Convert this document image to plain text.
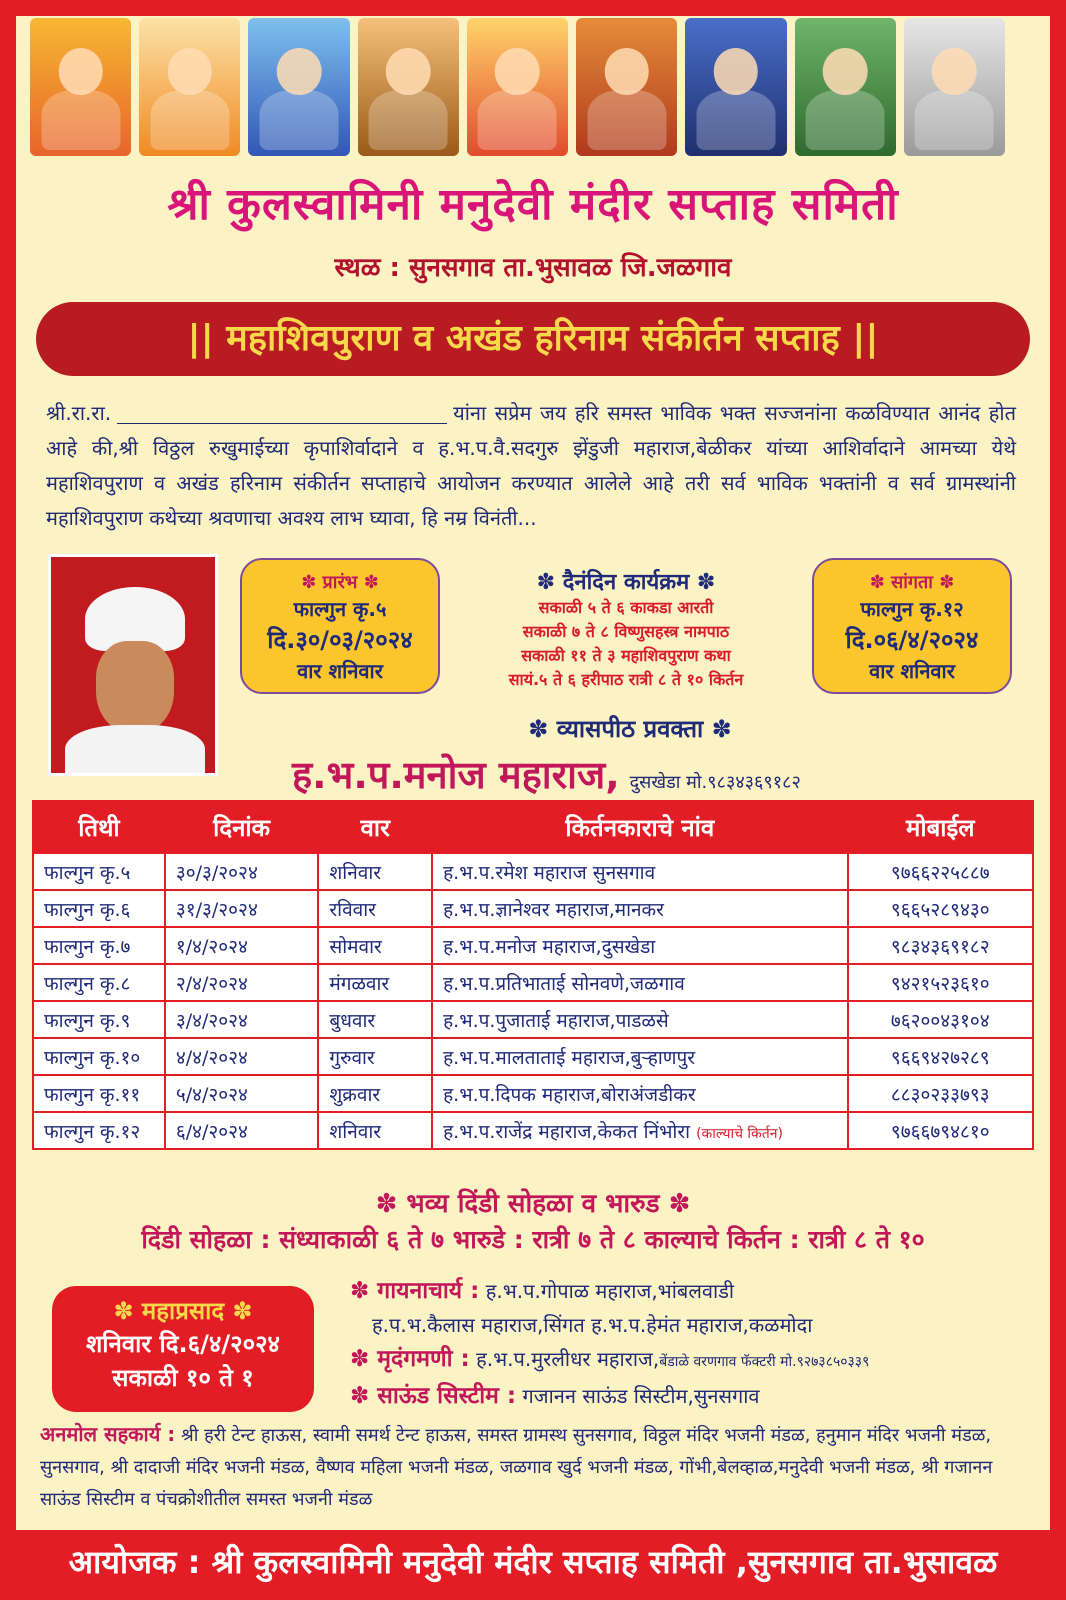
श्री कुलस्वामिनी मनुदेवी मंदीर सप्ताह समिती
स्थळ : सुनसगाव ता.भुसावळ जि.जळगाव
|| महाशिवपुराण व अखंड हरिनाम संकीर्तन सप्ताह ||
श्री.रा.रा.	यांना सप्रेम जय हरि समस्त भाविक भक्त सज्जनांना कळविण्यात आनंद होत आहे की,श्री विठ्ठल रुखुमाईच्या कृपाशिर्वादाने व ह.भ.प.वै.सदगुरु झेंडुजी महाराज,बेळीकर यांच्या आशिर्वादाने आमच्या येथे महाशिवपुराण व अखंड हरिनाम संकीर्तन सप्ताहाचे आयोजन करण्यात आलेले आहे तरी सर्व भाविक भक्तांनी व सर्व ग्रामस्थांनी महाशिवपुराण कथेच्या श्रवणाचा अवश्य लाभ घ्यावा, हि नम्र विनंती...
✽ प्रारंभ ✽
फाल्गुन कृ.५
दि.३०/०३/२०२४
वार शनिवार
✽ दैनंदिन कार्यक्रम ✽
सकाळी ५ ते ६ काकडा आरती
सकाळी ७ ते ८ विष्णुसहस्त्र नामपाठ
सकाळी ११ ते ३ महाशिवपुराण कथा
सायं.५ ते ६ हरीपाठ रात्री ८ ते १० किर्तन
✽ सांगता ✽
फाल्गुन कृ.१२
दि.०६/४/२०२४
वार शनिवार
✽ व्यासपीठ प्रवक्ता ✽
ह.भ.प.मनोज महाराज, दुसखेडा मो.९८३४३६९१८२
तिथी	दिनांक	वार	किर्तनकाराचे नांव	मोबाईल
फाल्गुन कृ.५	३०/३/२०२४	शनिवार	ह.भ.प.रमेश महाराज सुनसगाव	९७६६२२५८८७
फाल्गुन कृ.६	३१/३/२०२४	रविवार	ह.भ.प.ज्ञानेश्वर महाराज,मानकर	९६६५२८९४३०
फाल्गुन कृ.७	१/४/२०२४	सोमवार	ह.भ.प.मनोज महाराज,दुसखेडा	९८३४३६९१८२
फाल्गुन कृ.८	२/४/२०२४	मंगळवार	ह.भ.प.प्रतिभाताई सोनवणे,जळगाव	९४२१५२३६१०
फाल्गुन कृ.९	३/४/२०२४	बुधवार	ह.भ.प.पुजाताई महाराज,पाडळसे	७६२००४३१०४
फाल्गुन कृ.१०	४/४/२०२४	गुरुवार	ह.भ.प.मालताताई महाराज,बुऱ्हाणपुर	९६६९४२७२८९
फाल्गुन कृ.११	५/४/२०२४	शुक्रवार	ह.भ.प.दिपक महाराज,बोराअंजडीकर	८८३०२३३७९३
फाल्गुन कृ.१२	६/४/२०२४	शनिवार	ह.भ.प.राजेंद्र महाराज,केकत निंभोरा (काल्याचे किर्तन)	९७६६७९४८१०
✽ भव्य दिंडी सोहळा व भारुड ✽
दिंडी सोहळा : संध्याकाळी ६ ते ७ भारुडे : रात्री ७ ते ८ काल्याचे किर्तन : रात्री ८ ते १०
✽ महाप्रसाद ✽
शनिवार दि.६/४/२०२४
सकाळी १० ते १
✽ गायनाचार्य : ह.भ.प.गोपाळ महाराज,भांबलवाडी
ह.प.भ.कैलास महाराज,सिंगत ह.भ.प.हेमंत महाराज,कळमोदा
✽ मृदंगमणी : ह.भ.प.मुरलीधर महाराज,बेंडाळे वरणगाव फॅक्टरी मो.९२७३८५०३३९
✽ साऊंड सिस्टीम : गजानन साऊंड सिस्टीम,सुनसगाव
अनमोल सहकार्य : श्री हरी टेन्ट हाऊस, स्वामी समर्थ टेन्ट हाऊस, समस्त ग्रामस्थ सुनसगाव, विठ्ठल मंदिर भजनी मंडळ, हनुमान मंदिर भजनी मंडळ, सुनसगाव, श्री दादाजी मंदिर भजनी मंडळ, वैष्णव महिला भजनी मंडळ, जळगाव खुर्द भजनी मंडळ, गोंभी,बेलव्हाळ,मनुदेवी भजनी मंडळ, श्री गजानन साऊंड सिस्टीम व पंचक्रोशीतील समस्त भजनी मंडळ
आयोजक : श्री कुलस्वामिनी मनुदेवी मंदीर सप्ताह समिती ,सुनसगाव ता.भुसावळ
